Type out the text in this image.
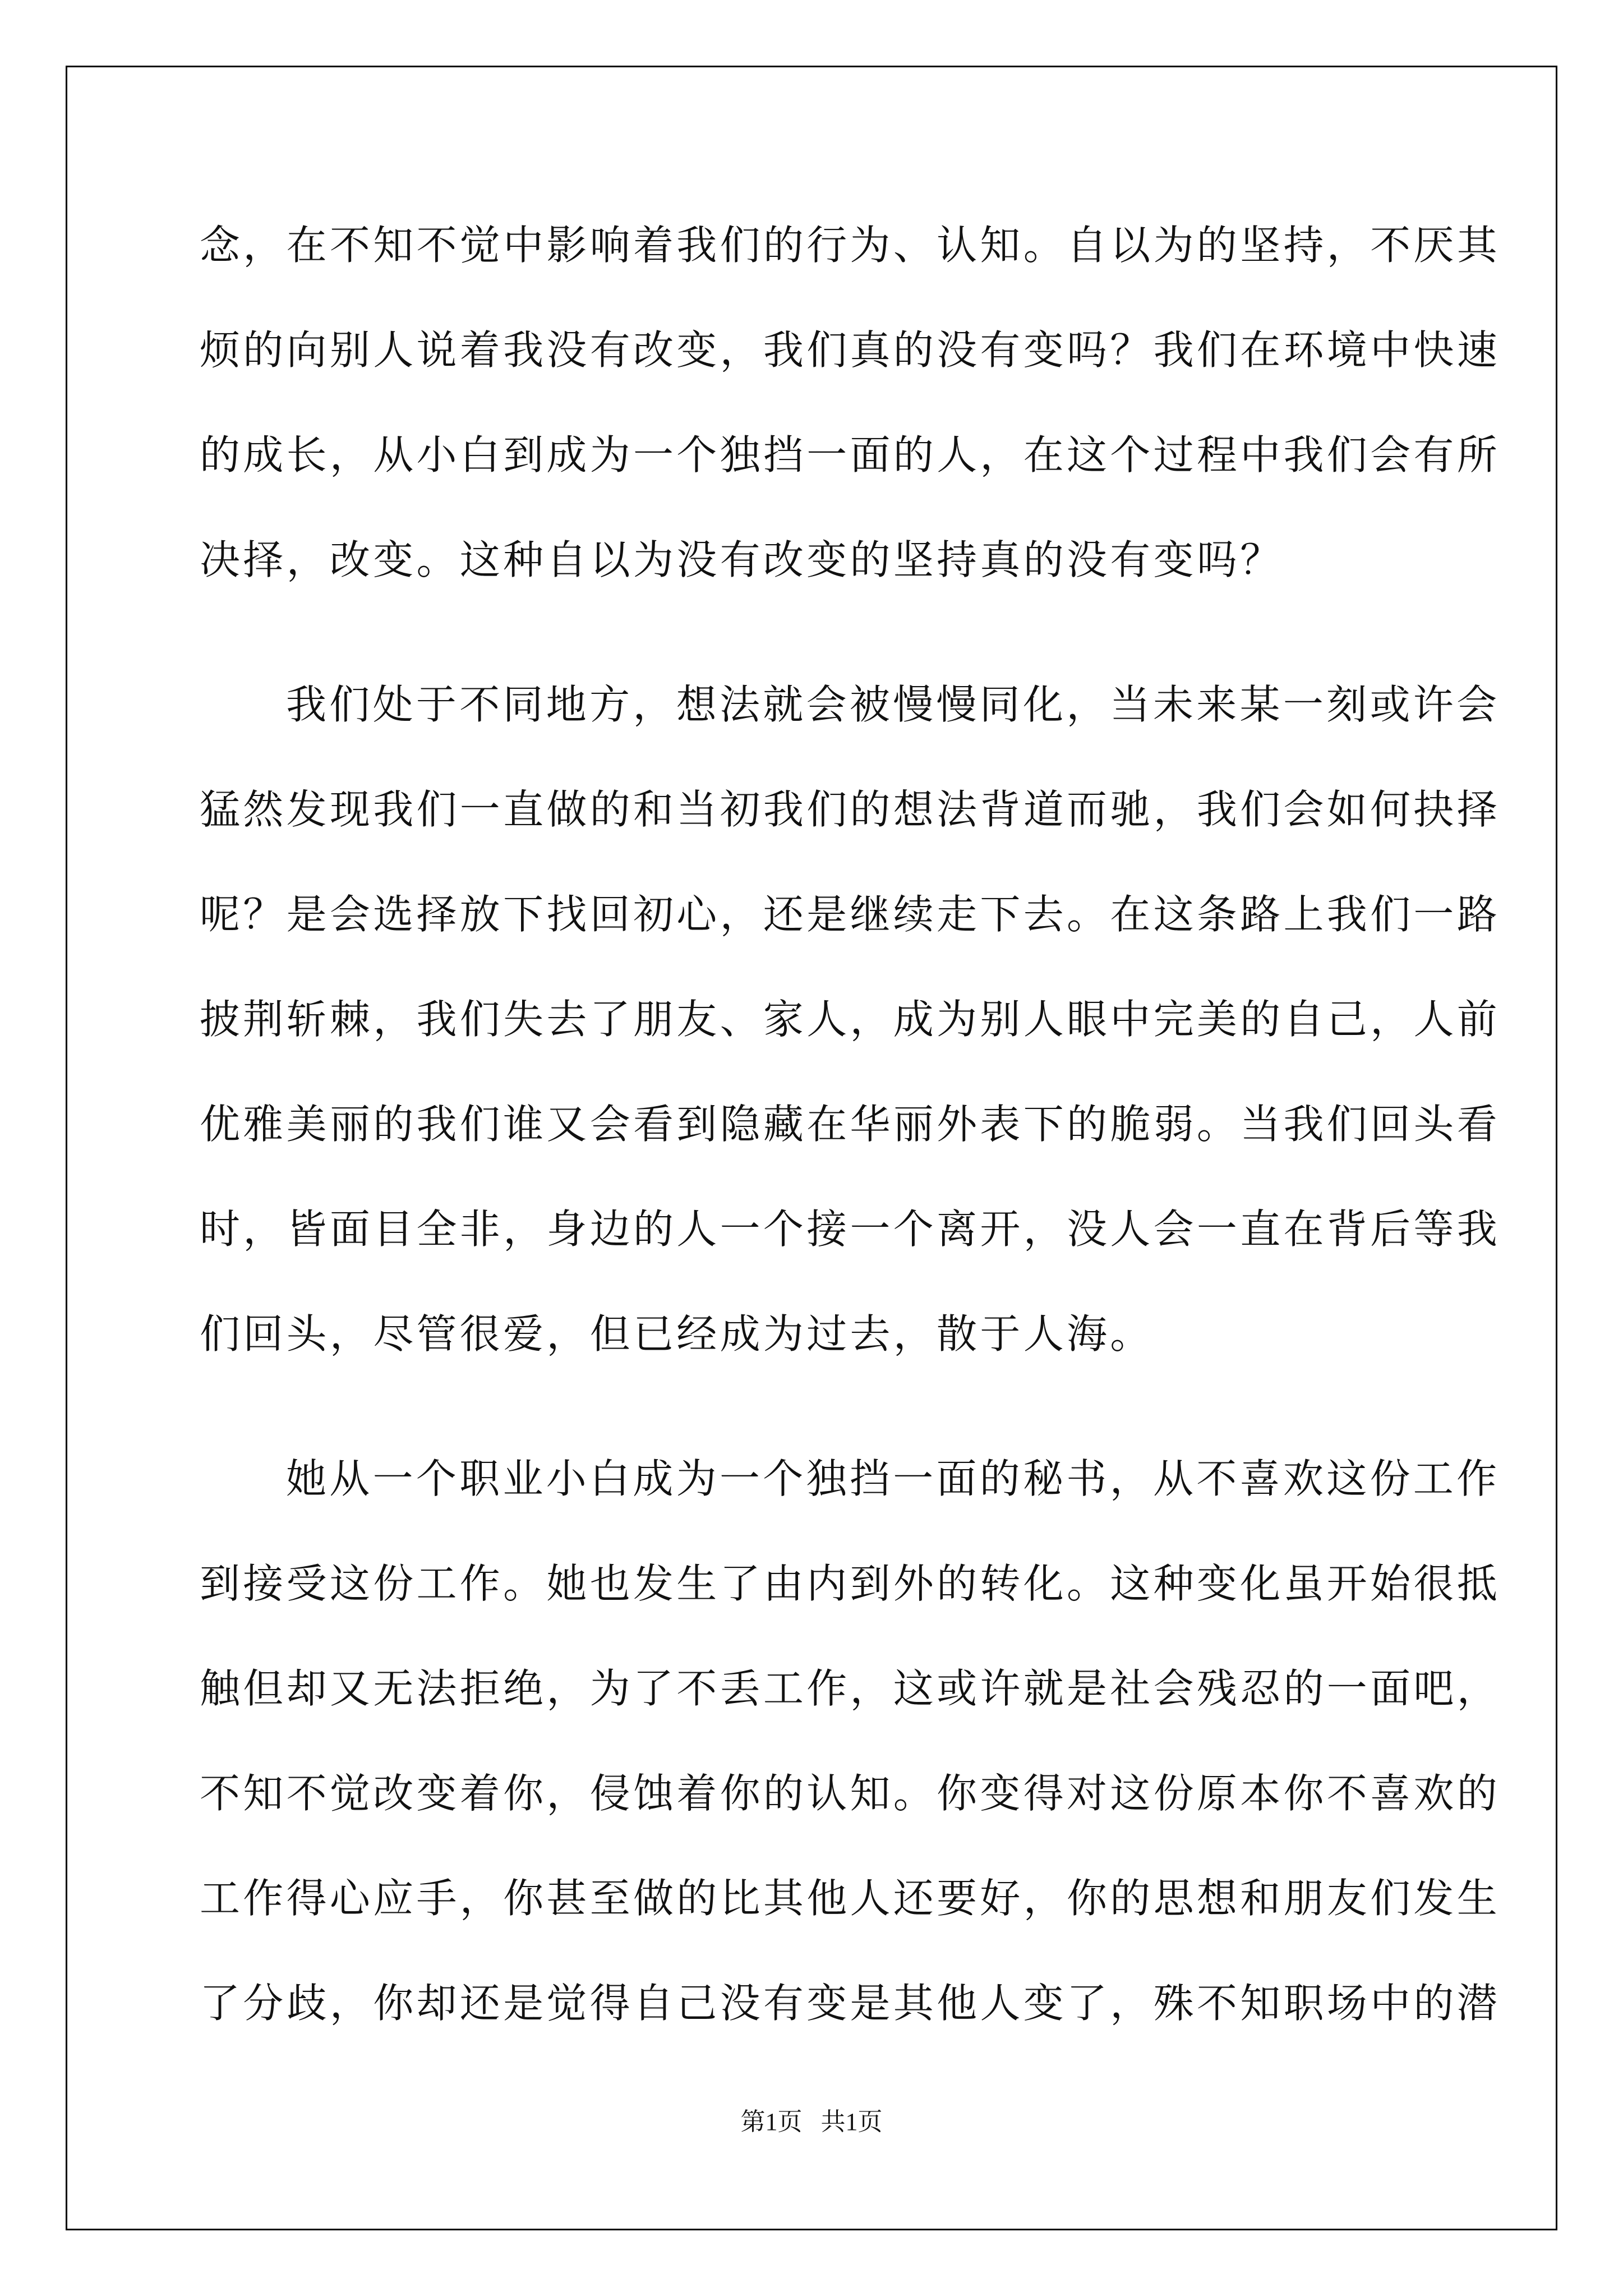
念，在不知不觉中影响着我们的行为、认知。自以为的坚持，不厌其
烦的向别人说着我没有改变，我们真的没有变吗？我们在环境中快速
的成长，从小白到成为一个独挡一面的人，在这个过程中我们会有所
决择，改变。这种自以为没有改变的坚持真的没有变吗？
我们处于不同地方，想法就会被慢慢同化，当未来某一刻或许会
猛然发现我们一直做的和当初我们的想法背道而驰，我们会如何抉择
呢？是会选择放下找回初心，还是继续走下去。在这条路上我们一路
披荆斩棘，我们失去了朋友、家人，成为别人眼中完美的自己，人前
优雅美丽的我们谁又会看到隐藏在华丽外表下的脆弱。当我们回头看
时，皆面目全非，身边的人一个接一个离开，没人会一直在背后等我
们回头，尽管很爱，但已经成为过去，散于人海。
她从一个职业小白成为一个独挡一面的秘书，从不喜欢这份工作
到接受这份工作。她也发生了由内到外的转化。这种变化虽开始很抵
触但却又无法拒绝，为了不丢工作，这或许就是社会残忍的一面吧，
不知不觉改变着你，侵蚀着你的认知。你变得对这份原本你不喜欢的
工作得心应手，你甚至做的比其他人还要好，你的思想和朋友们发生
了分歧，你却还是觉得自己没有变是其他人变了，殊不知职场中的潜
第1页   共1页
